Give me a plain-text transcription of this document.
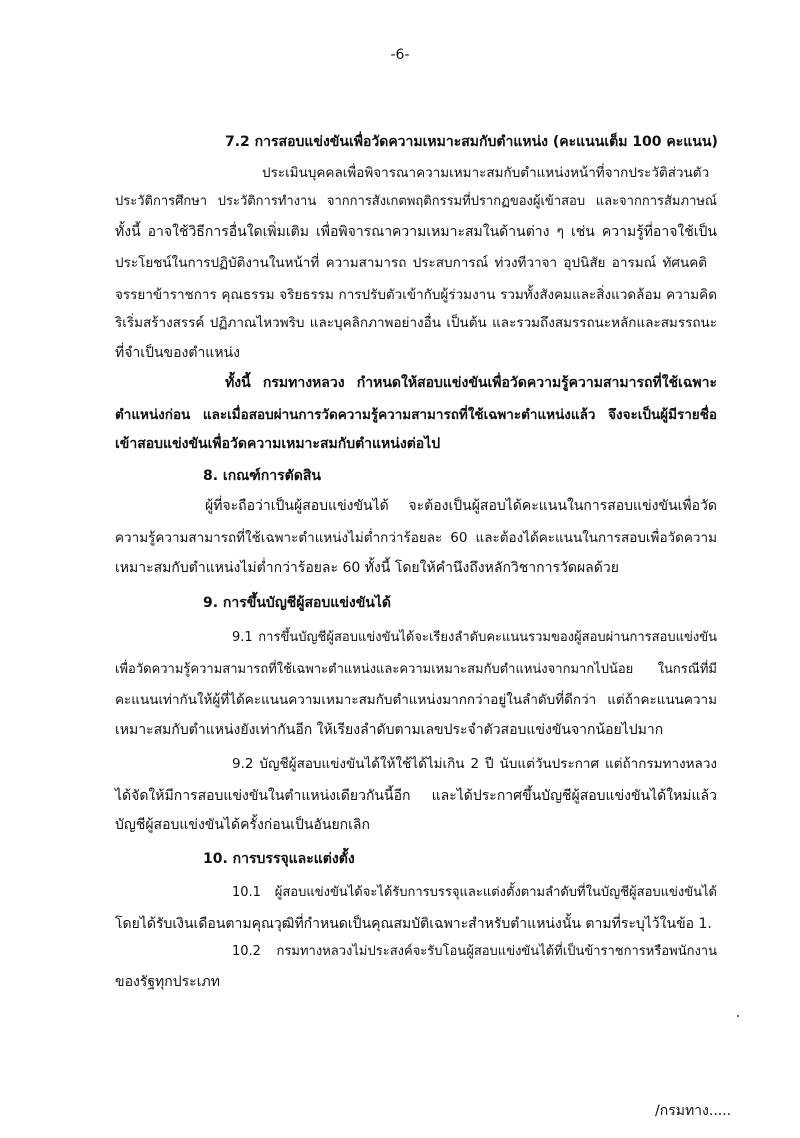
-6-
7.2 การสอบแข่งขันเพื่อวัดความเหมาะสมกับตำแหน่ง (คะแนนเต็ม 100 คะแนน)
ประเมินบุคคลเพื่อพิจารณาความเหมาะสมกับตำแหน่งหน้าที่จากประวัติส่วนตัว
ประวัติการศึกษา ประวัติการทำงาน จากการสังเกตพฤติกรรมที่ปรากฏของผู้เข้าสอบ และจากการสัมภาษณ์
ทั้งนี้ อาจใช้วิธีการอื่นใดเพิ่มเติม เพื่อพิจารณาความเหมาะสมในด้านต่าง ๆ เช่น ความรู้ที่อาจใช้เป็น
ประโยชน์ในการปฏิบัติงานในหน้าที่ ความสามารถ ประสบการณ์ ท่วงทีวาจา อุปนิสัย อารมณ์ ทัศนคติ
จรรยาข้าราชการ คุณธรรม จริยธรรม การปรับตัวเข้ากับผู้ร่วมงาน รวมทั้งสังคมและสิ่งแวดล้อม ความคิด
ริเริ่มสร้างสรรค์ ปฏิภาณไหวพริบ และบุคลิกภาพอย่างอื่น เป็นต้น และรวมถึงสมรรถนะหลักและสมรรถนะ
ที่จำเป็นของตำแหน่ง
ทั้งนี้ กรมทางหลวง กำหนดให้สอบแข่งขันเพื่อวัดความรู้ความสามารถที่ใช้เฉพาะ
ตำแหน่งก่อน และเมื่อสอบผ่านการวัดความรู้ความสามารถที่ใช้เฉพาะตำแหน่งแล้ว จึงจะเป็นผู้มีรายชื่อ
เข้าสอบแข่งขันเพื่อวัดความเหมาะสมกับตำแหน่งต่อไป
8. เกณฑ์การตัดสิน
ผู้ที่จะถือว่าเป็นผู้สอบแข่งขันได้ จะต้องเป็นผู้สอบได้คะแนนในการสอบแข่งขันเพื่อวัด
ความรู้ความสามารถที่ใช้เฉพาะตำแหน่งไม่ต่ำกว่าร้อยละ 60 และต้องได้คะแนนในการสอบเพื่อวัดความ
เหมาะสมกับตำแหน่งไม่ต่ำกว่าร้อยละ 60 ทั้งนี้ โดยให้คำนึงถึงหลักวิชาการวัดผลด้วย
9. การขึ้นบัญชีผู้สอบแข่งขันได้
9.1 การขึ้นบัญชีผู้สอบแข่งขันได้จะเรียงลำดับคะแนนรวมของผู้สอบผ่านการสอบแข่งขัน
เพื่อวัดความรู้ความสามารถที่ใช้เฉพาะตำแหน่งและความเหมาะสมกับตำแหน่งจากมากไปน้อย ในกรณีที่มี
คะแนนเท่ากันให้ผู้ที่ได้คะแนนความเหมาะสมกับตำแหน่งมากกว่าอยู่ในลำดับที่ดีกว่า แต่ถ้าคะแนนความ
เหมาะสมกับตำแหน่งยังเท่ากันอีก ให้เรียงลำดับตามเลขประจำตัวสอบแข่งขันจากน้อยไปมาก
9.2 บัญชีผู้สอบแข่งขันได้ให้ใช้ได้ไม่เกิน 2 ปี นับแต่วันประกาศ แต่ถ้ากรมทางหลวง
ได้จัดให้มีการสอบแข่งขันในตำแหน่งเดียวกันนี้อีก และได้ประกาศขึ้นบัญชีผู้สอบแข่งขันได้ใหม่แล้ว
บัญชีผู้สอบแข่งขันได้ครั้งก่อนเป็นอันยกเลิก
10. การบรรจุและแต่งตั้ง
10.1 ผู้สอบแข่งขันได้จะได้รับการบรรจุและแต่งตั้งตามลำดับที่ในบัญชีผู้สอบแข่งขันได้
โดยได้รับเงินเดือนตามคุณวุฒิที่กำหนดเป็นคุณสมบัติเฉพาะสำหรับตำแหน่งนั้น ตามที่ระบุไว้ในข้อ 1.
10.2 กรมทางหลวงไม่ประสงค์จะรับโอนผู้สอบแข่งขันได้ที่เป็นข้าราชการหรือพนักงาน
ของรัฐทุกประเภท
/กรมทาง.....
